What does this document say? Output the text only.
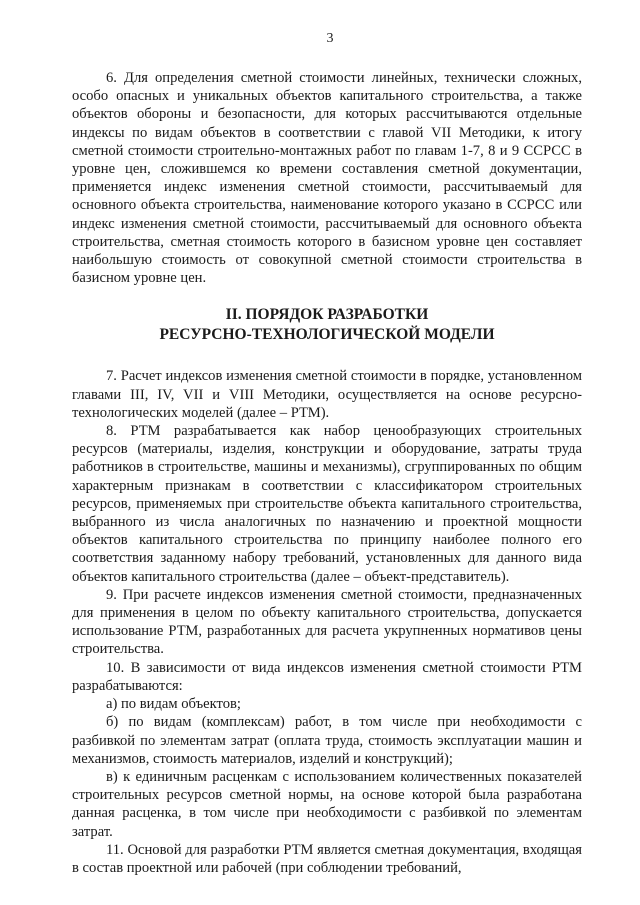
3

6. Для определения сметной стоимости линейных, технически сложных, особо опасных и уникальных объектов капитального строительства, а также объектов обороны и безопасности, для которых рассчитываются отдельные индексы по видам объектов в соответствии с главой VII Методики, к итогу сметной стоимости строительно-монтажных работ по главам 1-7, 8 и 9 ССРСС в уровне цен, сложившемся ко времени составления сметной документации, применяется индекс изменения сметной стоимости, рассчитываемый для основного объекта строительства, наименование которого указано в ССРСС или индекс изменения сметной стоимости, рассчитываемый для основного объекта строительства, сметная стоимость которого в базисном уровне цен составляет наибольшую стоимость от совокупной сметной стоимости строительства в базисном уровне цен.

II. ПОРЯДОК РАЗРАБОТКИ
РЕСУРСНО-ТЕХНОЛОГИЧЕСКОЙ МОДЕЛИ

7. Расчет индексов изменения сметной стоимости в порядке, установленном главами III, IV, VII и VIII Методики, осуществляется на основе ресурсно-технологических моделей (далее – РТМ).

8. РТМ разрабатывается как набор ценообразующих строительных ресурсов (материалы, изделия, конструкции и оборудование, затраты труда работников в строительстве, машины и механизмы), сгруппированных по общим характерным признакам в соответствии с классификатором строительных ресурсов, применяемых при строительстве объекта капитального строительства, выбранного из числа аналогичных по назначению и проектной мощности объектов капитального строительства по принципу наиболее полного его соответствия заданному набору требований, установленных для данного вида объектов капитального строительства (далее – объект-представитель).

9. При расчете индексов изменения сметной стоимости, предназначенных для применения в целом по объекту капитального строительства, допускается использование РТМ, разработанных для расчета укрупненных нормативов цены строительства.

10. В зависимости от вида индексов изменения сметной стоимости РТМ разрабатываются:

а) по видам объектов;

б) по видам (комплексам) работ, в том числе при необходимости с разбивкой по элементам затрат (оплата труда, стоимость эксплуатации машин и механизмов, стоимость материалов, изделий и конструкций);

в) к единичным расценкам с использованием количественных показателей строительных ресурсов сметной нормы, на основе которой была разработана данная расценка, в том числе при необходимости с разбивкой по элементам затрат.

11. Основой для разработки РТМ является сметная документация, входящая в состав проектной или рабочей (при соблюдении требований,
